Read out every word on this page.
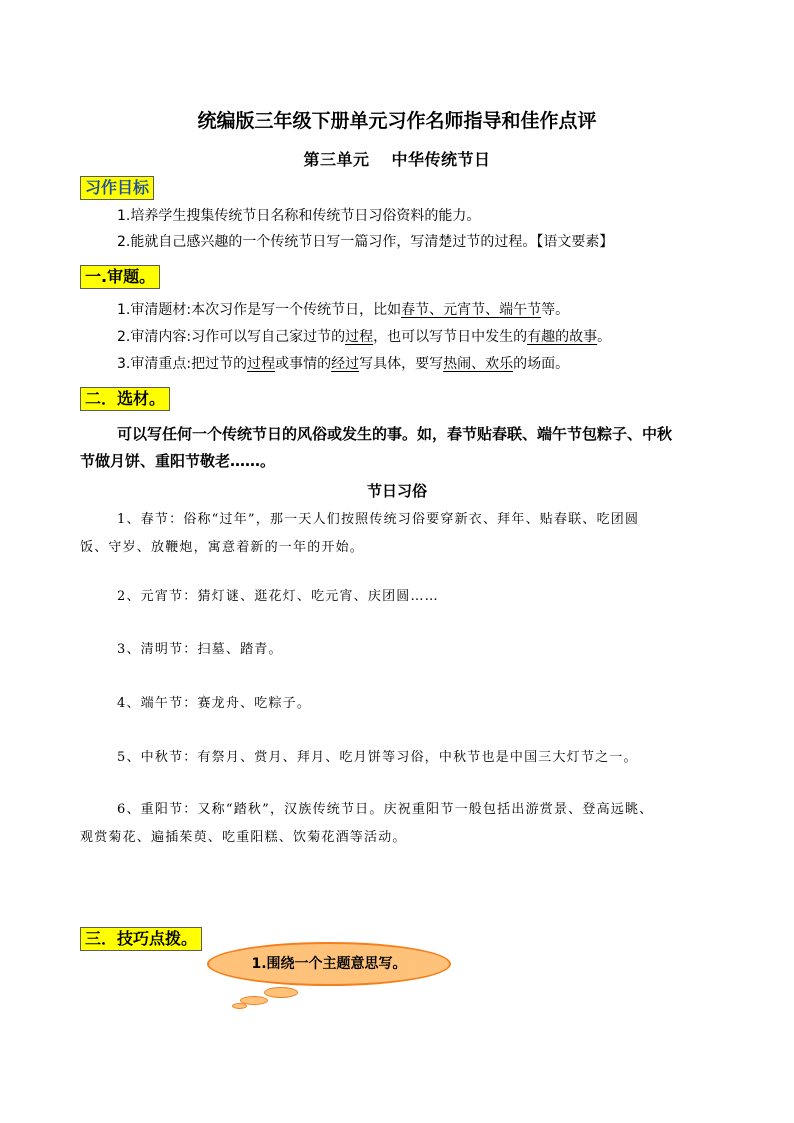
统编版三年级下册单元习作名师指导和佳作点评
第三单元 中华传统节日
习作目标
1.培养学生搜集传统节日名称和传统节日习俗资料的能力。
2.能就自己感兴趣的一个传统节日写一篇习作，写清楚过节的过程。【语文要素】
一.审题。
1.审清题材:本次习作是写一个传统节日，比如春节、元宵节、端午节等。
2.审清内容:习作可以写自己家过节的过程，也可以写节日中发生的有趣的故事。
3.审清重点:把过节的过程或事情的经过写具体，要写热闹、欢乐的场面。
二．选材。
可以写任何一个传统节日的风俗或发生的事。如，春节贴春联、端午节包粽子、中秋
节做月饼、重阳节敬老……。
节日习俗
1、春节：俗称“过年”，那一天人们按照传统习俗要穿新衣、拜年、贴春联、吃团圆
饭、守岁、放鞭炮，寓意着新的一年的开始。
2、元宵节：猜灯谜、逛花灯、吃元宵、庆团圆……
3、清明节：扫墓、踏青。
4、端午节：赛龙舟、吃粽子。
5、中秋节：有祭月、赏月、拜月、吃月饼等习俗，中秋节也是中国三大灯节之一。
6、重阳节：又称“踏秋”，汉族传统节日。庆祝重阳节一般包括出游赏景、登高远眺、
观赏菊花、遍插茱萸、吃重阳糕、饮菊花酒等活动。
三．技巧点拨。
1.围绕一个主题意思写。
